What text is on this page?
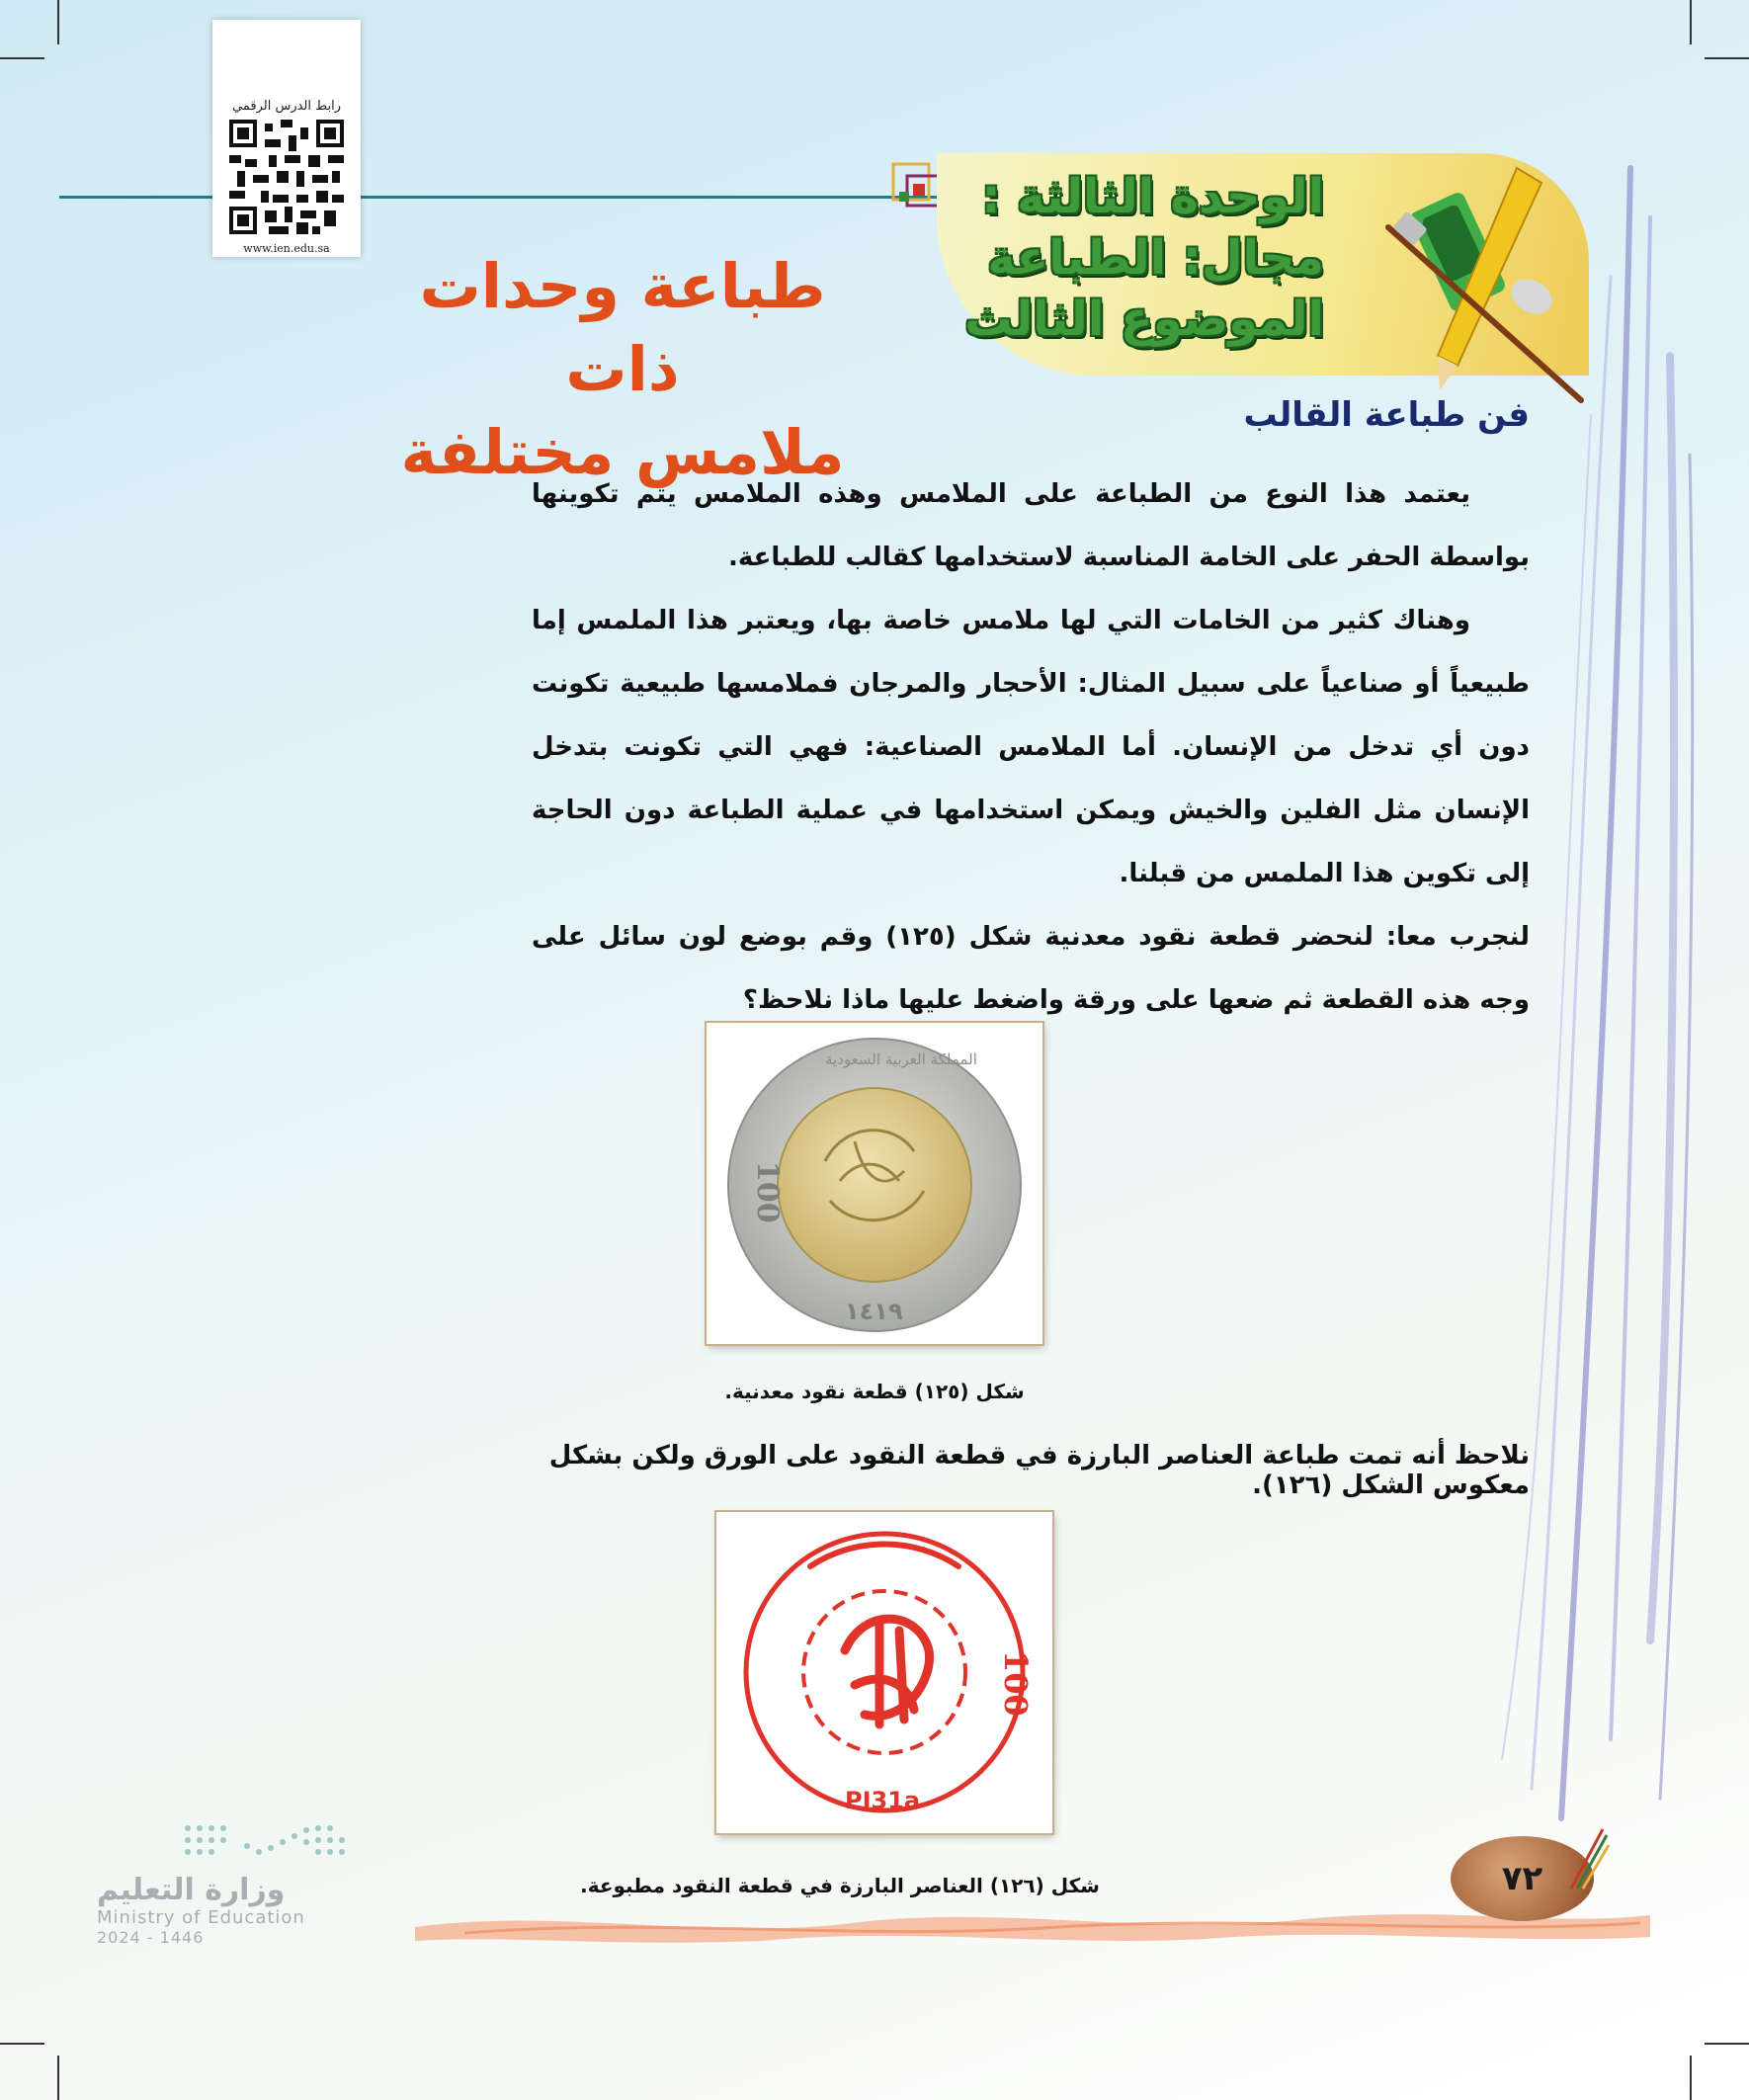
رابط الدرس الرقمي
www.ien.edu.sa
الوحدة الثالثة :
مجال: الطباعة
الموضوع الثالث
طباعة وحدات ذات
ملامس مختلفة
فن طباعة القالب

يعتمد هذا النوع من الطباعة على الملامس وهذه الملامس يتم تكوينها بواسطة الحفر على الخامة المناسبة لاستخدامها كقالب للطباعة.

وهناك كثير من الخامات التي لها ملامس خاصة بها، ويعتبر هذا الملمس إما طبيعياً أو صناعياً على سبيل المثال: الأحجار والمرجان فملامسها طبيعية تكونت دون أي تدخل من الإنسان. أما الملامس الصناعية: فهي التي تكونت بتدخل الإنسان مثل الفلين والخيش ويمكن استخدامها في عملية الطباعة دون الحاجة إلى تكوين هذا الملمس من قبلنا.

لنجرب معا: لنحضر قطعة نقود معدنية شكل (١٢٥) وقم بوضع لون سائل على وجه هذه القطعة ثم ضعها على ورقة واضغط عليها ماذا نلاحظ؟

100
١٤١٩
المملكة العربية السعودية
شكل (١٢٥) قطعة نقود معدنية.
نلاحظ أنه تمت طباعة العناصر البارزة في قطعة النقود على الورق ولكن بشكل معكوس الشكل (١٢٦).
100
PI31a
شكل (١٢٦) العناصر البارزة في قطعة النقود مطبوعة.	٧٢
وزارة التعليم
Ministry of Education
2024 - 1446
